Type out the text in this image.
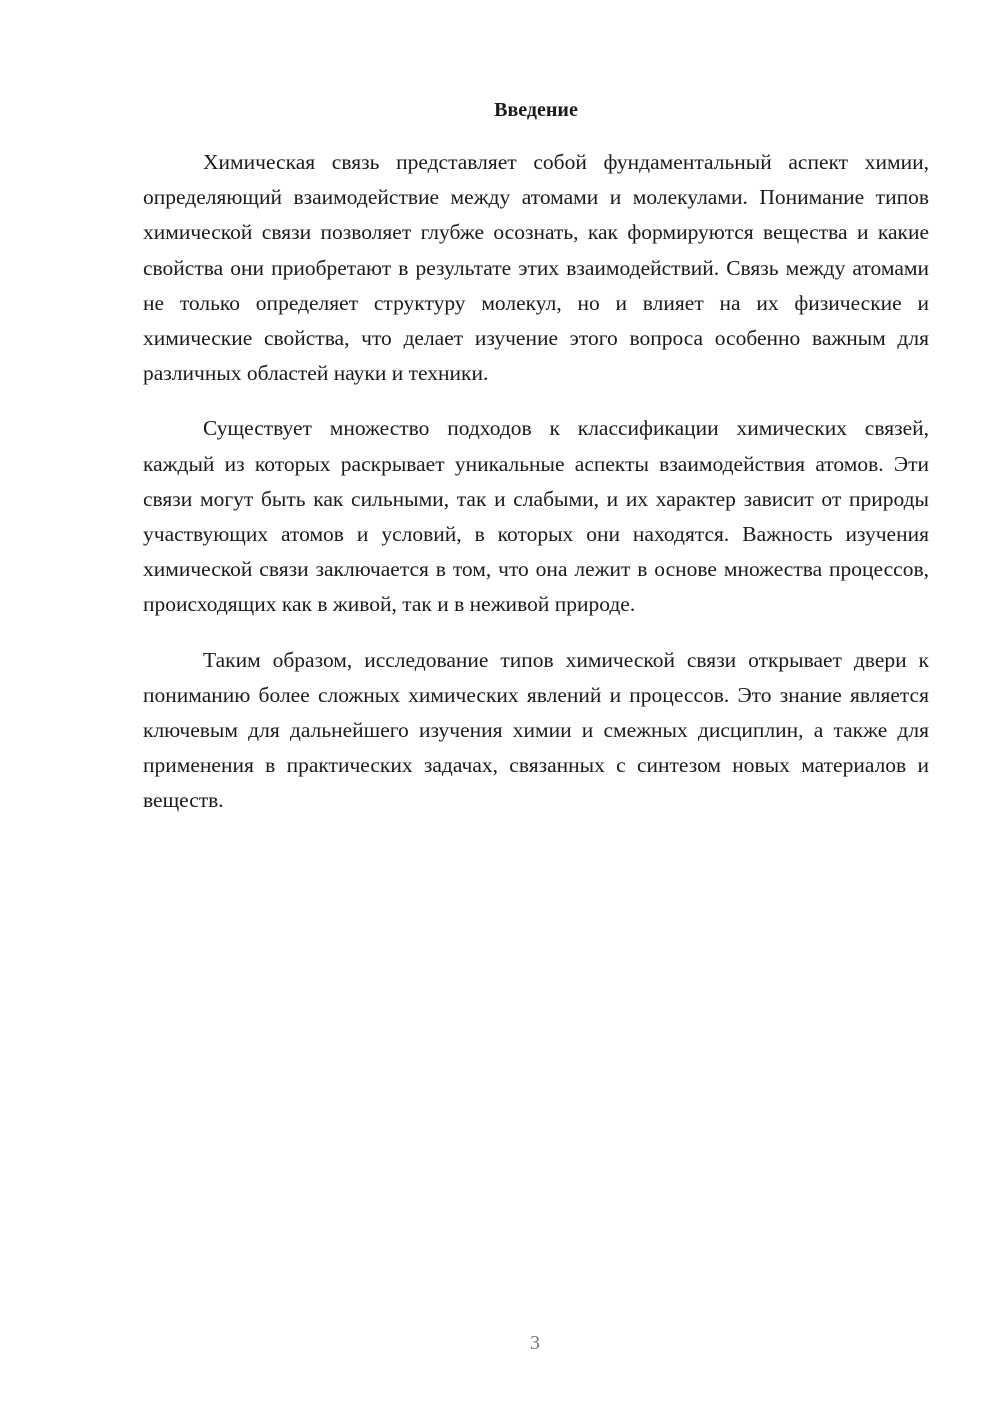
Введение

Химическая связь представляет собой фундаментальный аспект химии, определяющий взаимодействие между атомами и молекулами. Понимание типов химической связи позволяет глубже осознать, как формируются вещества и какие свойства они приобретают в результате этих взаимодействий. Связь между атомами не только определяет структуру молекул, но и влияет на их физические и химические свойства, что делает изучение этого вопроса особенно важным для различных областей науки и техники.

Существует множество подходов к классификации химических связей, каждый из которых раскрывает уникальные аспекты взаимодействия атомов. Эти связи могут быть как сильными, так и слабыми, и их характер зависит от природы участвующих атомов и условий, в которых они находятся. Важность изучения химической связи заключается в том, что она лежит в основе множества процессов, происходящих как в живой, так и в неживой природе.

Таким образом, исследование типов химической связи открывает двери к пониманию более сложных химических явлений и процессов. Это знание является ключевым для дальнейшего изучения химии и смежных дисциплин, а также для применения в практических задачах, связанных с синтезом новых материалов и веществ.

3
